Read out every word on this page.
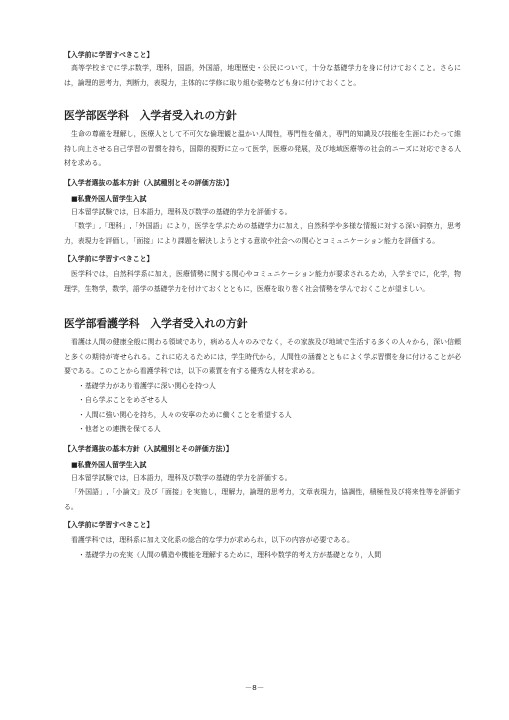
【入学前に学習すべきこと】
高等学校までに学ぶ数学，理科，国語，外国語，地理歴史・公民について，十分な基礎学力を身に付けておくこと。さらには，論理的思考力，判断力，表現力，主体的に学修に取り組む姿勢なども身に付けておくこと。
医学部医学科　入学者受入れの方針
生命の尊厳を理解し，医療人として不可欠な倫理観と温かい人間性，専門性を備え，専門的知識及び技能を生涯にわたって維持し向上させる自己学習の習慣を持ち，国際的視野に立って医学，医療の発展，及び地域医療等の社会的ニーズに対応できる人材を求める。
【入学者選抜の基本方針（入試種別とその評価方法）】
■私費外国人留学生入試
日本留学試験では，日本語力，理科及び数学の基礎的学力を評価する。
「数学」,「理科」,「外国語」により，医学を学ぶための基礎学力に加え，自然科学や多様な情報に対する深い洞察力，思考力，表現力を評価し，「面接」により課題を解決しようとする意欲や社会への関心とコミュニケーション能力を評価する。
【入学前に学習すべきこと】
医学科では，自然科学系に加え，医療情勢に関する関心やコミュニケーション能力が要求されるため，入学までに，化学，物理学，生物学，数学，語学の基礎学力を付けておくとともに，医療を取り巻く社会情勢を学んでおくことが望ましい。
医学部看護学科　入学者受入れの方針
看護は人間の健康全般に関わる領域であり，病める人々のみでなく，その家族及び地域で生活する多くの人々から，深い信頼と多くの期待が寄せられる。これに応えるためには，学生時代から，人間性の涵養とともによく学ぶ習慣を身に付けることが必要である。このことから看護学科では，以下の素質を有する優秀な人材を求める。
・基礎学力があり看護学に深い関心を持つ人
・自ら学ぶことをめざせる人
・人間に強い関心を持ち，人々の安寧のために働くことを希望する人
・他者との連携を保てる人
【入学者選抜の基本方針（入試種別とその評価方法）】
■私費外国人留学生入試
日本留学試験では，日本語力，理科及び数学の基礎的学力を評価する。
「外国語」,「小論文」及び「面接」を実施し，理解力，論理的思考力，文章表現力，協調性，積極性及び将来性等を評価する。
【入学前に学習すべきこと】
看護学科では，理科系に加え文化系の総合的な学力が求められ，以下の内容が必要である。
・基礎学力の充実（人間の構造や機能を理解するために，理科や数学的考え方が基礎となり，人間
－8－
